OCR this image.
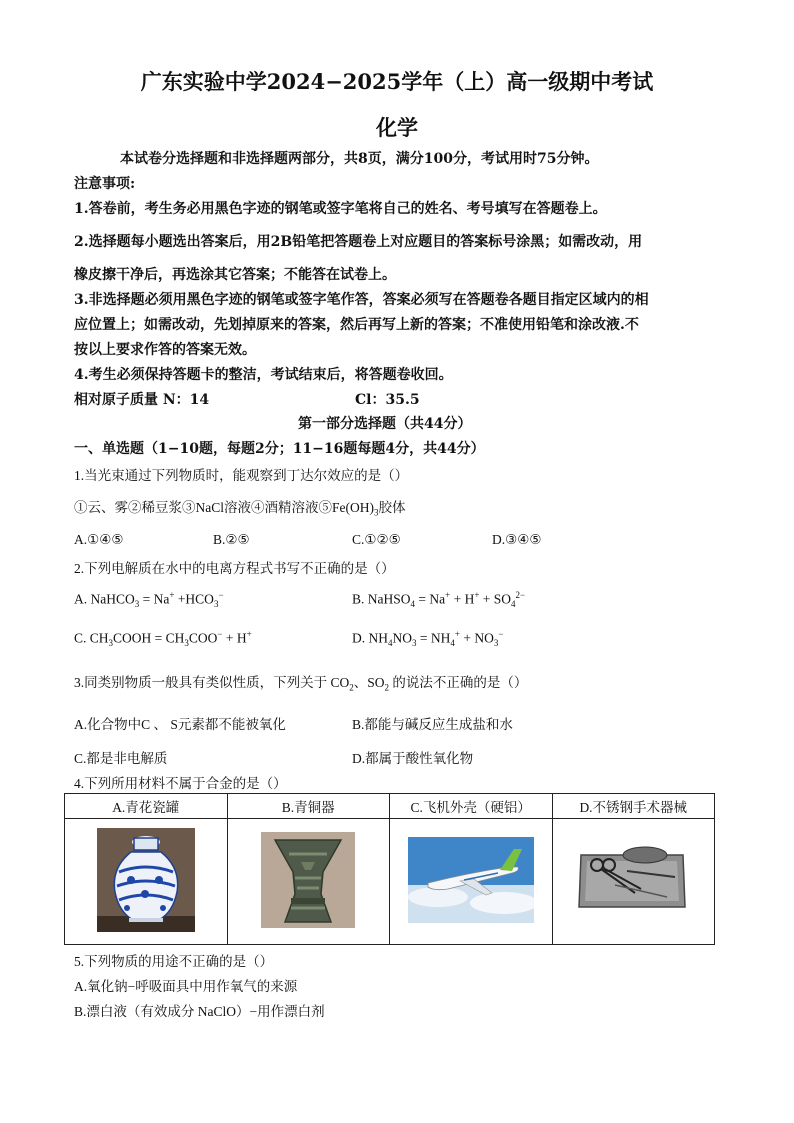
广东实验中学2024−2025学年（上）高一级期中考试
化学
本试卷分选择题和非选择题两部分，共8页，满分100分，考试用时75分钟。
注意事项:
1.答卷前，考生务必用黑色字迹的钢笔或签字笔将自己的姓名、考号填写在答题卷上。
2.选择题每小题选出答案后，用2B铅笔把答题卷上对应题目的答案标号涂黑；如需改动，用
橡皮擦干净后，再选涂其它答案；不能答在试卷上。
3.非选择题必须用黑色字迹的钢笔或签字笔作答，答案必须写在答题卷各题目指定区域内的相
应位置上；如需改动，先划掉原来的答案，然后再写上新的答案；不准使用铅笔和涂改液.不
按以上要求作答的答案无效。
4.考生必须保持答题卡的整洁，考试结束后，将答题卷收回。
相对原子质量 N：14	Cl：35.5
第一部分选择题（共44分）
一、单选题（1−10题，每题2分；11−16题每题4分，共44分）
1.当光束通过下列物质时，能观察到丁达尔效应的是（）
①云、雾②稀豆浆③NaCl溶液④酒精溶液$⑤Fe(OH)_3$胶体
A.①④⑤	B.②⑤	C.①②⑤	D.③④⑤
2.下列电解质在水中的电离方程式书写不正确的是（）
A. NaHCO$_3$ = $Na^+ +HCO_3^-$	B. NaHSO$_4$ = $Na^+ + H^+ + SO_4^{2-}$
C. $CH_3COOH = CH_3COO^- + H^+$	D. $NH_4NO_3 = NH_4^+ + NO_3^-$
3.同类别物质一般具有类似性质，下列关于 $CO_2$、$SO_2$ 的说法不正确的是（）
A.化合物中C 、 S元素都不能被氧化	B.都能与碱反应生成盐和水
C.都是非电解质	D.都属于酸性氧化物
4.下列所用材料不属于合金的是（）
A.青花瓷罐	B.青铜器	C.飞机外壳（硬铝）	D.不锈钢手术器械

5.下列物质的用途不正确的是（）
A.氧化钠−呼吸面具中用作氧气的来源
B.漂白液（有效成分 NaClO）−用作漂白剂
